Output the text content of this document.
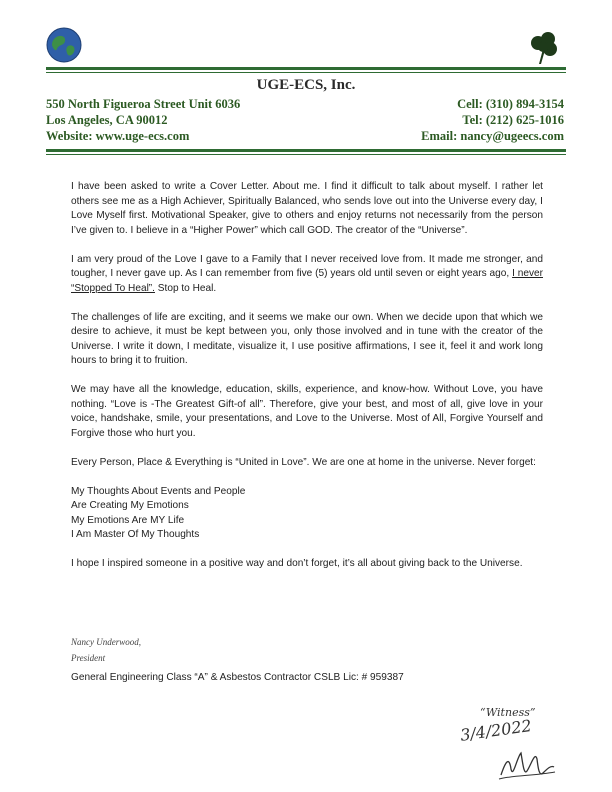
UGE-ECS, Inc.
550 North Figueroa Street Unit 6036
Los Angeles, CA 90012
Website: www.uge-ecs.com
Cell: (310) 894-3154
Tel: (212) 625-1016
Email: nancy@ugeecs.com

I have been asked to write a Cover Letter. About me. I find it difficult to talk about myself. I rather let others see me as a High Achiever, Spiritually Balanced, who sends love out into the Universe every day, I Love Myself first. Motivational Speaker, give to others and enjoy returns not necessarily from the person I’ve given to. I believe in a “Higher Power” which call GOD. The creator of the “Universe”.

I am very proud of the Love I gave to a Family that I never received love from. It made me stronger, and tougher, I never gave up. As I can remember from five (5) years old until seven or eight years ago, I never “Stopped To Heal”. Stop to Heal.

The challenges of life are exciting, and it seems we make our own. When we decide upon that which we desire to achieve, it must be kept between you, only those involved and in tune with the creator of the Universe. I write it down, I meditate, visualize it, I use positive affirmations, I see it, feel it and work long hours to bring it to fruition.

We may have all the knowledge, education, skills, experience, and know-how. Without Love, you have nothing. “Love is -The Greatest Gift-of all”. Therefore, give your best, and most of all, give love in your voice, handshake, smile, your presentations, and Love to the Universe. Most of All, Forgive Yourself and Forgive those who hurt you.

Every Person, Place & Everything is “United in Love”. We are one at home in the universe. Never forget:

My Thoughts About Events and People
Are Creating My Emotions
My Emotions Are MY Life
I Am Master Of My Thoughts

I hope I inspired someone in a positive way and don’t forget, it’s all about giving back to the Universe.

Nancy Underwood,
President
General Engineering Class “A” & Asbestos Contractor CSLB Lic: # 959387
“Witness”
3/4/2022
